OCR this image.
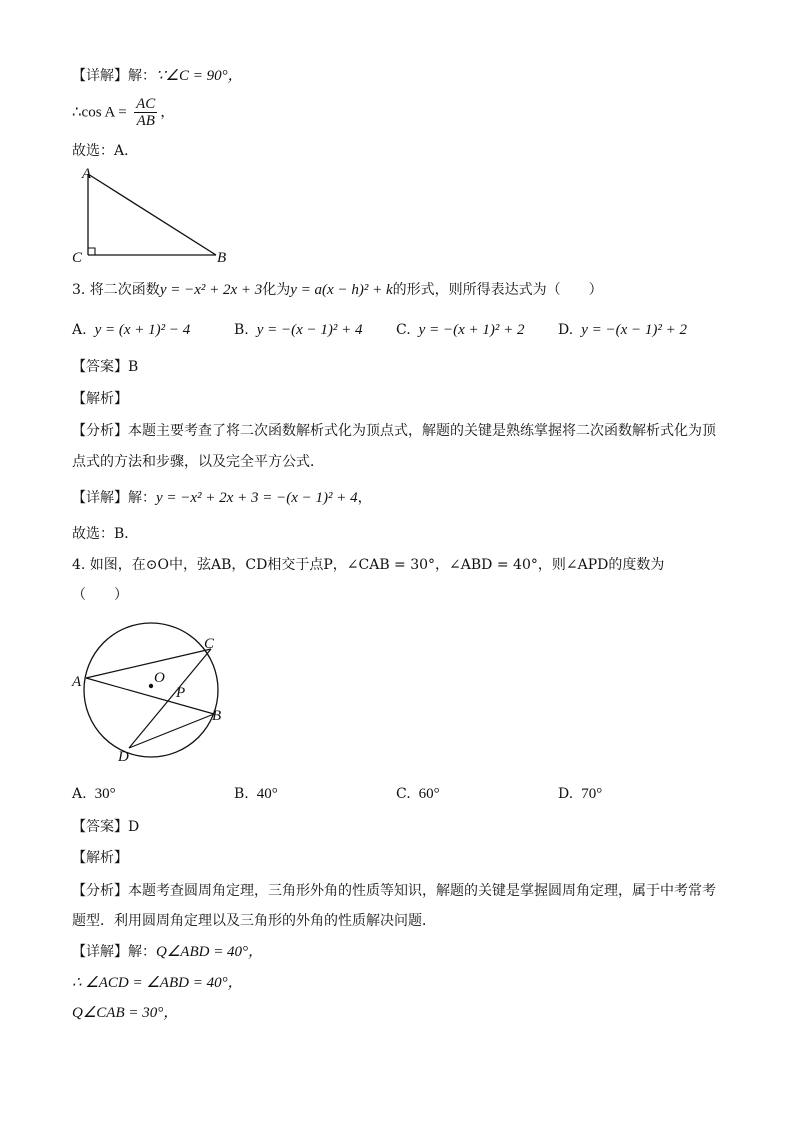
【详解】解：∵∠C = 90°，
∴cos $A = \frac{AC}{AB}$ ，
故选：A．
A
C	B
3. 将二次函数y = −x² + 2x + 3化为y = a(x − h)² + k的形式，则所得表达式为（　　）
A. y = (x + 1)² − 4	B. y = −(x − 1)² + 4 C. y = −(x + 1)² + 2 D. y = −(x − 1)² + 2
【答案】B
【解析】
【分析】本题主要考查了将二次函数解析式化为顶点式，解题的关键是熟练掌握将二次函数解析式化为顶
点式的方法和步骤，以及完全平方公式．
【详解】解：y = −x² + 2x + 3 = −(x − 1)² + 4，
故选：B．
4. 如图，在⊙O中，弦AB，CD相交于点P，∠CAB = 30°，∠ABD = 40°，则∠APD的度数为
（　　）
O
P
C
A
B
D
A. 30°	B. 40°	C. 60°	D. 70°
【答案】D
【解析】
【分析】本题考查圆周角定理，三角形外角的性质等知识，解题的关键是掌握圆周角定理，属于中考常考
题型．利用圆周角定理以及三角形的外角的性质解决问题．
【详解】解：Q∠ABD = 40°，
∴ ∠ACD = ∠ABD = 40°，
Q∠CAB = 30°，
